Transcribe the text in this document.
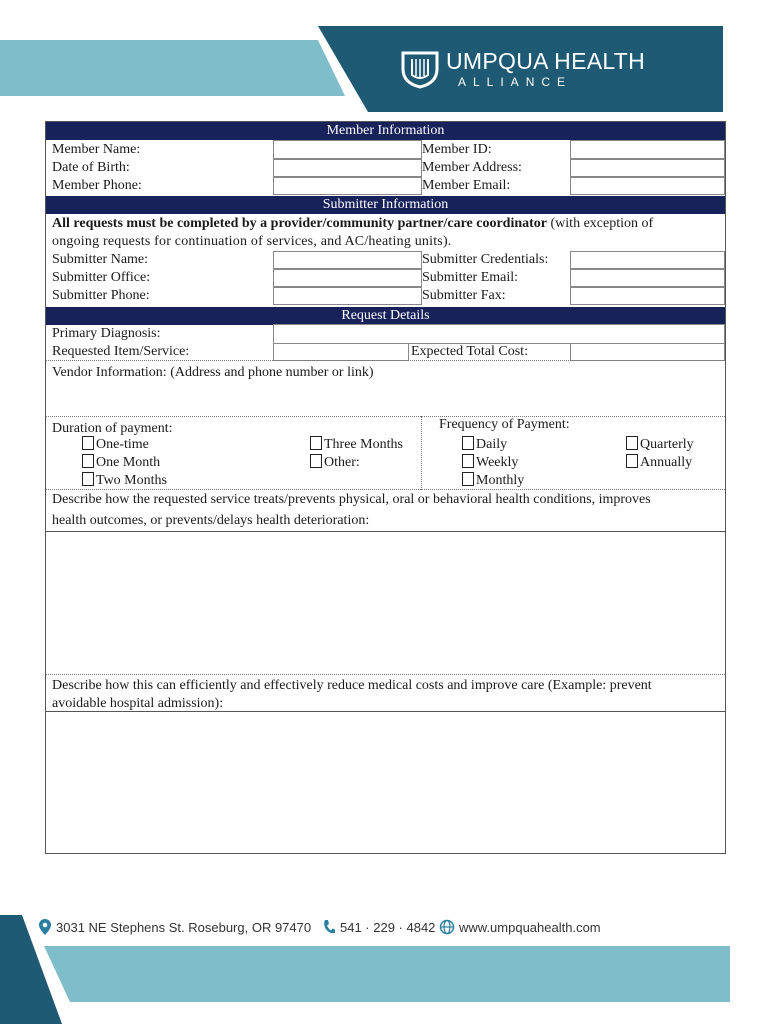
UMPQUA HEALTH
ALLIANCE
Member Information
Member Name:	Member ID:
Date of Birth:	Member Address:
Member Phone:	Member Email:
Submitter Information
All requests must be completed by a provider/community partner/care coordinator (with exception of
ongoing requests for continuation of services, and AC/heating units).
Submitter Name:	Submitter Credentials:
Submitter Office:	Submitter Email:
Submitter Phone:	Submitter Fax:
Request Details
Primary Diagnosis:
Requested Item/Service:	Expected Total Cost:
Vendor Information: (Address and phone number or link)
Duration of payment:
One-time
One Month
Two Months
Three Months
Other:
Frequency of Payment:
Daily
Weekly
Monthly
Quarterly
Annually
Describe how the requested service treats/prevents physical, oral or behavioral health conditions, improves
health outcomes, or prevents/delays health deterioration:
Describe how this can efficiently and effectively reduce medical costs and improve care (Example: prevent
avoidable hospital admission):
3031 NE Stephens St. Roseburg, OR 97470 541 · 229 · 4842 www.umpquahealth.com
